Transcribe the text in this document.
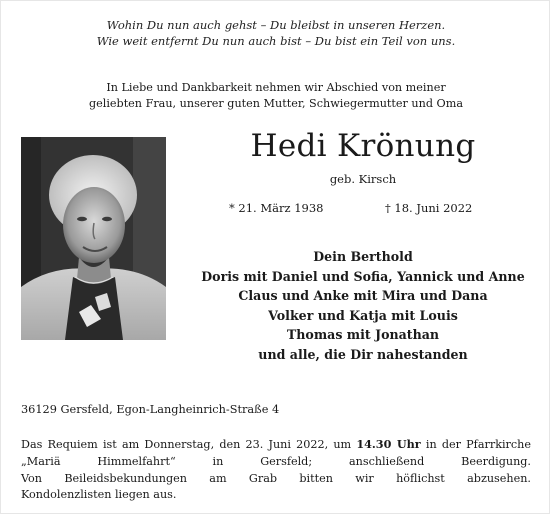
Wohin Du nun auch gehst – Du bleibst in unseren Herzen.
Wie weit entfernt Du nun auch bist – Du bist ein Teil von uns.
In Liebe und Dankbarkeit nehmen wir Abschied von meiner
geliebten Frau, unserer guten Mutter, Schwiegermutter und Oma
Hedi Krönung
geb. Kirsch
* 21. März 1938	† 18. Juni 2022
Dein Berthold
Doris mit Daniel und Sofia, Yannick und Anne
Claus und Anke mit Mira und Dana
Volker und Katja mit Louis
Thomas mit Jonathan
und alle, die Dir nahestanden
36129 Gersfeld, Egon-Langheinrich-Straße 4
Das Requiem ist am Donnerstag, den 23. Juni 2022, um 14.30 Uhr in der Pfarrkirche
„Mariä Himmelfahrt“ in Gersfeld; anschließend Beerdigung.
Von Beileidsbekundungen am Grab bitten wir höflichst abzusehen.
Kondolenzlisten liegen aus.
